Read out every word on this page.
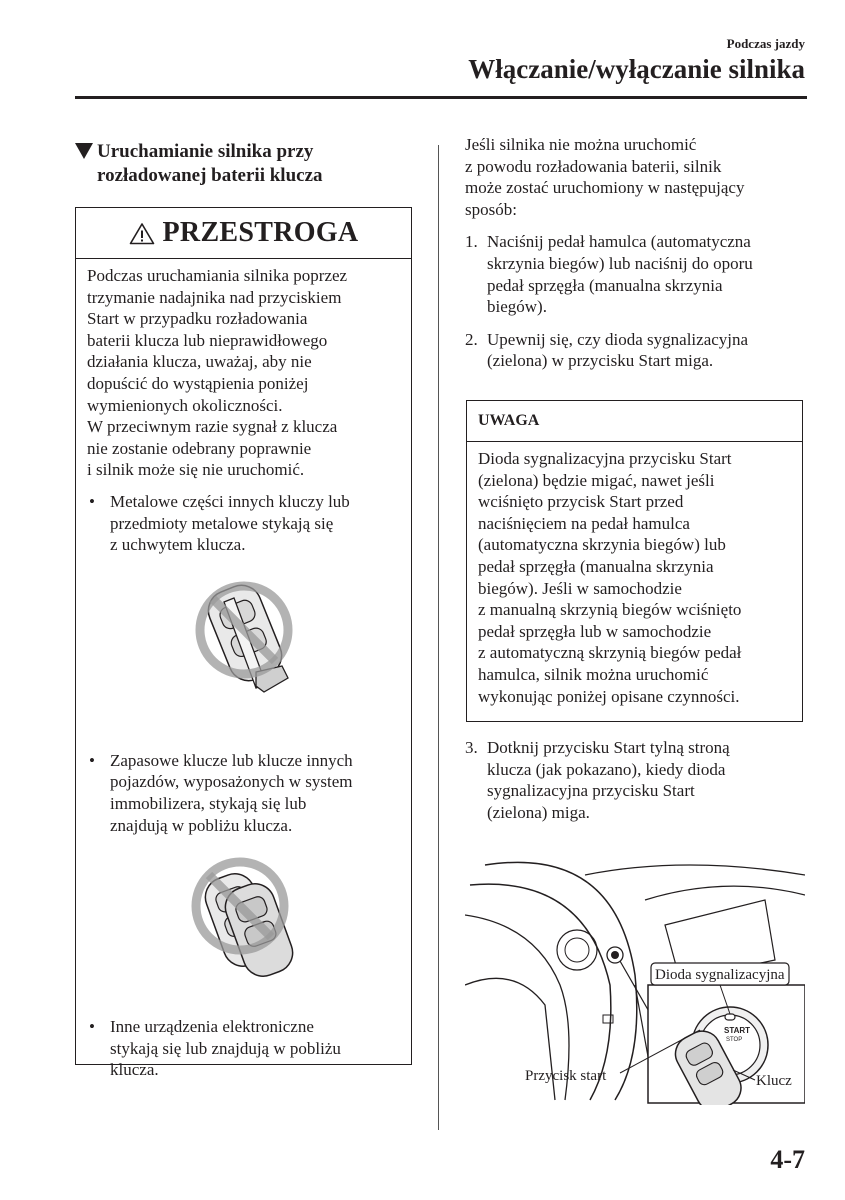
Podczas jazdy
Włączanie/wyłączanie silnika
Uruchamianie silnika przy
rozładowanej baterii klucza
PRZESTROGA

Podczas uruchamiania silnika poprzez

trzymanie nadajnika nad przyciskiem

Start w przypadku rozładowania

baterii klucza lub nieprawidłowego

działania klucza, uważaj, aby nie

dopuścić do wystąpienia poniżej

wymienionych okoliczności.

W przeciwnym razie sygnał z klucza

nie zostanie odebrany poprawnie

i silnik może się nie uruchomić.

• Metalowe części innych kluczy lub

przedmioty metalowe stykają się

z uchwytem klucza.

• Zapasowe klucze lub klucze innych

pojazdów, wyposażonych w system

immobilizera, stykają się lub

znajdują w pobliżu klucza.

• Inne urządzenia elektroniczne

stykają się lub znajdują w pobliżu

klucza.

Jeśli silnika nie można uruchomić

z powodu rozładowania baterii, silnik

może zostać uruchomiony w następujący

sposób:

1. Naciśnij pedał hamulca (automatyczna

skrzynia biegów) lub naciśnij do oporu

pedał sprzęgła (manualna skrzynia

biegów).

2. Upewnij się, czy dioda sygnalizacyjna

(zielona) w przycisku Start miga.

UWAGA

Dioda sygnalizacyjna przycisku Start

(zielona) będzie migać, nawet jeśli

wciśnięto przycisk Start przed

naciśnięciem na pedał hamulca

(automatyczna skrzynia biegów) lub

pedał sprzęgła (manualna skrzynia

biegów). Jeśli w samochodzie

z manualną skrzynią biegów wciśnięto

pedał sprzęgła lub w samochodzie

z automatyczną skrzynią biegów pedał

hamulca, silnik można uruchomić

wykonując poniżej opisane czynności.

3. Dotknij przycisku Start tylną stroną

klucza (jak pokazano), kiedy dioda

sygnalizacyjna przycisku Start

(zielona) miga.

START
STOP
Dioda sygnalizacyjna
Przycisk start	Klucz
4-7
